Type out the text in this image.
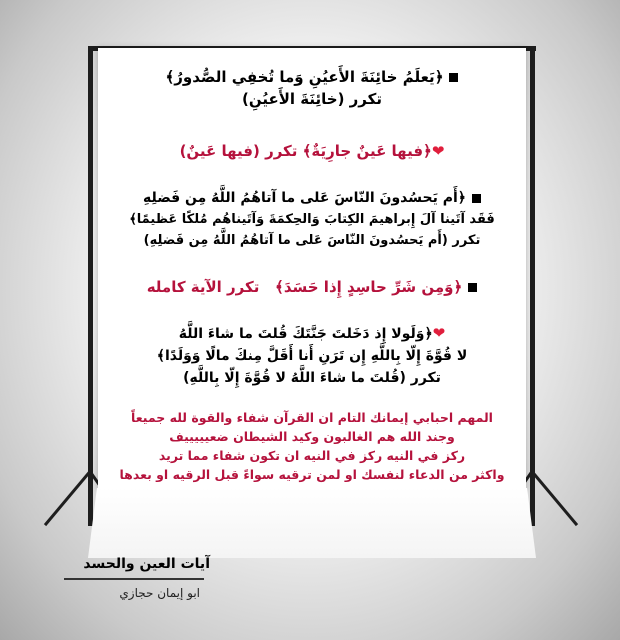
﴿يَعلَمُ خائِنَةَ الأَعيُنِ وَما تُخفِي الصُّدورُ﴾
تكرر (خائِنَةَ الأَعيُنِ)
❤﴿فيها عَينٌ جارِيَةٌ﴾ تكرر (فيها عَينٌ)
﴿أَم يَحسُدونَ النّاسَ عَلى ما آتاهُمُ اللَّهُ مِن فَضلِهِ
فَقَد آتَينا آلَ إِبراهيمَ الكِتابَ وَالحِكمَةَ وَآتَيناهُم مُلكًا عَظيمًا﴾
تكرر (أَم يَحسُدونَ النّاسَ عَلى ما آتاهُمُ اللَّهُ مِن فَضلِهِ)
﴿وَمِن شَرِّ حاسِدٍ إِذا حَسَدَ﴾   تكرر الآية كامله
❤﴿وَلَولا إِذ دَخَلتَ جَنَّتَكَ قُلتَ ما شاءَ اللَّهُ
لا قُوَّةَ إِلّا بِاللَّهِ إِن تَرَنِ أَنا أَقَلَّ مِنكَ مالًا وَوَلَدًا﴾
تكرر (قُلتَ ما شاءَ اللَّهُ لا قُوَّةَ إِلّا بِاللَّهِ)
المهم احبابي إيمانك التام ان القرآن شفاء والقوة لله جميعاً
وجند الله هم الغالبون وكيد الشيطان ضعيييييف
ركز في النيه ركز في النيه ان تكون شفاء مما تريد
واكثر من الدعاء لنفسك او لمن ترقيه سواءً قبل الرقيه او بعدها
آيات العين والحسد
ابو إيمان حجازي
